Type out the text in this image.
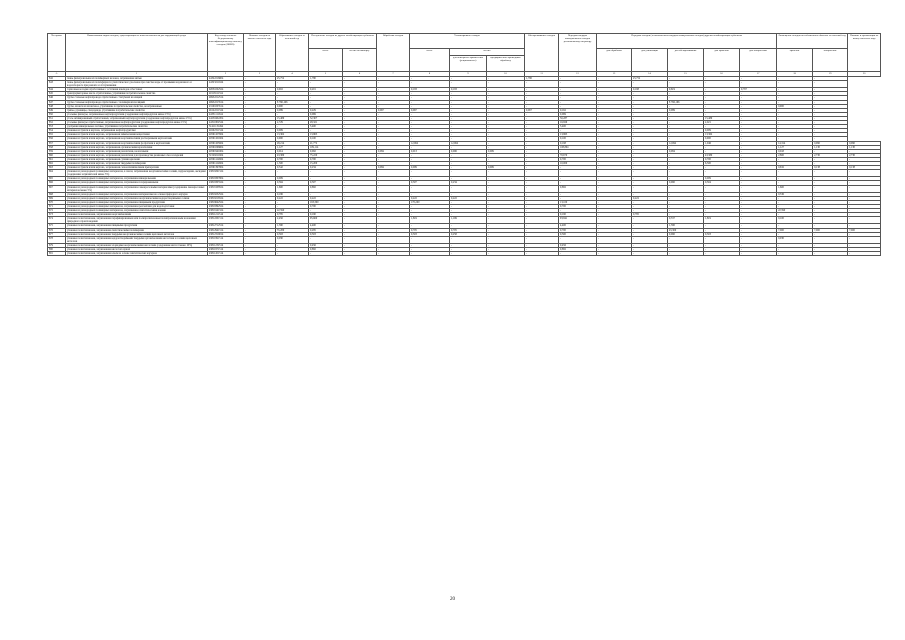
№ строки	Наименование видов отходов, существующих по классам опасности для окружающей среды	Код отхода согласно Федеральному классификационному каталогу отходов (ФККО)	Наличие отходов на начало отчетного года	Образование отходов за отчетный год	Поступление отходов из других хозяйствующих субъектов		Обработка отходов	Утилизировано отходов			Обезвреживание отходов	Передача твердых коммунальных отходов региональному оператору	Передача отходов (за исключением твердых коммунальных отходов) другим хозяйствующим субъектам					Размещение отходов на собственных объектах за отчетный год		Наличие в организации на конец отчетного года	
					всего	из них по импорту		всего	из них				для обработки	для утилизации	для обезвреживания	для хранения	для захоронения	хранение	захоронение		
									для повторного применения (рецикличного)	предварительно прошедших обработку											
А	1	2	3	4	5	6	7	8	9	10	11	12	13	14	15	16	17	18	19	20	
842	ткань фильтровальная из полимерных волокон, загрязненная нитью	44322216604	-	25,752	1,780	-	-	-	-	-	1,780	-	-	25,752	-	-	-	-	-		
843	ткань фильтровальная из полиэфирного (синтетического) волокна при очистке воды от промывки водомачного и водозаборного при ремонте и обслуживании	44323211624	-	-	-	-	-	-	-	-	-	-	-	-	-	-	-	-	-		
844	тормозные колодки отработанные с остатками накладок асбестовых	92031002524	-	0,916	0,201	-	-	0,183	0,183	-	-	-	-	0,198	0,619	-	0,797	-	-		
845	трансформаторные масла отработанные, утратившие потребительские свойства	40118111314	-	-	-	-	-	-	-	-	-	-	-	-	-	-	-	-	-		
846	трубы стальные нефтепровода отработанные с битумной изоляцией	46952212514	-	-	-	-	-	-	-	-	-	-	-	-	-	-	-	-	-		
847	трубы стальные нефтепровода отработанные с полимерной изоляцией	46952213514	-	8 766,166	-	-	-	-	-	-	-	-	-	-	8 766,166	-	-	-	-		
848	трубы, шланги из шланговое, утратившие потребительские свойства, незагрязненные	43101003514	-	0,900	-	-	-	-	-	-	-	-	-	-	-	-	-	0,900	-		
849	тряпье, рукавицы, спецодежда, утратившие потребительские свойства	46122211524	-	0,089	0,229	-	0,067	0,067	-	-	0,067	0,162	-	-	0,089	-	-	-	-		
850	угольные фильтры, загрязненные нефтепродуктами (содержание нефтепродуктов менее 15%)	44331111614	-	-	0,069	-	-	-	-	-	-	0,069	-	-	-	-	-	-	-		
851	уголь активированный отработанный, загрязненный нефтепродуктами (содержание нефтепродуктов менее 15%)	44250402204	-	15,489	52,307	-	-	-	-	-	-	50,287	-	-	-	15,489	-	-	-		
852	угольные фильтры отработанные, загрязненные нефтепродуктами (содержание нефтепродуктов менее 15%)	44311802524	-	2,729	28,321	-	-	-	-	-	-	16,829	-	-	-	2,021	-	-	-		
853	удобрения минеральные азотные, утратившие потребительские свойства	31411131494	-	-	3,400	-	-	-	-	-	-	3,400	-	-	-	-	-	-	-		
854	упаковка из бумаги и картона, загрязненная нефтепродуктами	40202311524	-	0,009	-	-	-	-	-	-	-	-	-	-	-	0,009	-	-	-		
855	упаковка из бумаги и/или картона, загрязненная химическими веществами	40591107604	-	13,362	13,865	-	-	-	-	-	-	13,865	-	-	-	13,362	-	-	-		
856	упаковка из бумаги и/или картона, загрязненная неорганическими растворимыми карбонатами	40591161604	-	0,900	0,100	-	-	-	-	-	-	0,100	-	-	-	0,900	-	-	-		
857	упаковка из бумаги и/или картона, загрязненная неорганическими фосфатами и карбонатами	40591165604	-	28,214	21,772	-	-	12,692	12,692	-	-	0,198	-	-	12,692	1,046	-	14,314	0,090	0,090	
858	упаковка из бумаги и/или картона, загрязненная органическими красителями	40591066604	-	1,127	109,114	-	-	-	-	-	-	108,804	-	-	-	-	-	1,127	1,130	1,130	
859	упаковка из бумаги и/или картона, загрязненная реагентами, неопасными	40591941604	-	0,014	0,092	-	0,084	0,013	0,006	0,009	-	-	-	-	0,084	-	-	0,043	-	-	
860	упаковка из бумаги и/или картона, загрязненная реагентами для производства резиновых смол и изделий	31529211604	-	43,380	75,220	-	-	-	-	-	-	70,670	-	-	-	43,380	-	2,800	2,730	2,730	
861	упаковка из бумаги и/или картона, загрязненная сухими красками	40591122604	-	0,700	0,700	-	-	-	-	-	-	0,700	-	-	-	0,700	-	-	-	-	
862	упаковка из бумаги и/или картона, загрязненная твердыми полимерами	40591122604	-	1,500	15,200	-	-	-	-	-	-	10,000	-	-	-	6,500	-	-	-	-	
863	упаковка из бумаги и/или картона, загрязненная сельхозхимическими препаратами	40591397604	-	0,542	0,234	-	0,084	0,009	-	0,009	-	-	-	-	-	-	-	0,632	0,138	0,138	
864	упаковка из разнородных полимерных материалов, в смеси, загрязненная неорганическими солями, гидроксидами, оксидами (содержание загрязнителей менее 5%)	43819291524	-	-	-	-	-	-	-	-	-	-	-	-	-	-	-	-	-	-	
865	упаковка из разнородных полимерных материалов, загрязненная минеральными	43819307604	-	0,009	-	-	-	-	-	-	-	-	-	-	-	0,009	-	-	-	-	
866	упаковка из разнородных полимерных материалов, загрязненная хлорированными	43819305524	-	0,394	0,307	-	-	0,307	0,234	-	-	-	-	-	0,090	0,304	-	-	-	-	
867	упаковка из разнородных полимерных материалов, загрязненная лакокрасочными материалами (содержание лакокрасочных материалов менее 5%)	43819108524	-	1,600	0,882	-	-	-	-	-	-	0,882	-	-	-	-	-	1,600	-	-	
868	упаковка из разнородных полимерных материалов, загрязненная материалами на основе природного каучука	43819232524	-	0,186	-	-	-	-	-	-	-	-	-	-	-	-	-	0,336	-	-	
869	упаковка из разнородных полимерных материалов, загрязненная неорганическими водорастворимыми солями	43819216524	-	0,222	0,222	-	-	0,222	0,222	-	-	-	-	0,222	-	-	-	-	-	-	
870	упаковка из разнородных полимерных материалов, загрязненная пищевыми продуктами	43819642524	-	-	193,300	-	-	170,200	-	-	-	13,100	-	-	-	-	-	-	-	-	
871	упаковка из разнородных полимерных материалов, загрязненная реагентами для водоподготовки	43819392524	-	-	0,700	-	-	-	-	-	-	0,700	-	-	-	-	-	-	-	-	
872	упаковка из разнородных полимерных материалов, загрязненная синтетическими клеями	43819141524	-	22,590	-	-	-	-	-	-	-	-	-	-	-	-	-	22,590	-	-	
873	упаковка полиэтиленовая, загрязненная неорганическими	43811211514	-	0,785	0,190	-	-	-	-	-	-	0,190	-	0,785	-	-	-	-	-	-	
874	упаковка полиэтиленовая, загрязненная парафинированным или полипропиленовым полипропиленовым волокнами природного происхождения	43812201514	-	2,456	95,660	-	-	1,819	1,169	-	-	93,841	-	-	0,537	1,819	-	0,100	-	-	
875	упаковка полиэтиленовая, загрязненная пищевыми продуктами	43812712514	-	1,580	4,400	-	-	-	-	-	-	4,400	-	-	1,580	-	-	-	-	-	
876	упаковка полиэтиленовая, загрязненная синтетическими полимерами	43812941514	-	55,280	0,285	-	-	0,705	0,705	-	-	0,700	-	-	45,300	-	-	7,000	7,000	7,000	
877	упаковка полиэтиленовая, загрязненная твердыми неорганическими солями щелочных металлов	43812319014	-	0,593	0,303	-	-	0,303	0,258	-	-	0,300	-	-	0,090	0,303	-	-	-	-	
878	упаковка полиэтиленовая, загрязненная водорастворимыми твердыми органическими кислотами и солями щелочных металлов	43811991514	-	0,030	-	-	-	-	-	-	-	-	-	-	-	-	-	0,030	-	-	
879	упаковка полиэтиленовая, загрязненная хлоридами неорганическими кислотами (содержание кислот менее 10%)	43811232514	-	-	0,456	-	-	-	-	-	-	0,456	-	-	-	-	-	-	-	-	
880	упаковка полиэтиленовая, загрязненная кислотой серной	43811971514	-	-	0,882	-	-	-	-	-	-	0,882	-	-	-	-	-	-	-	-	
881	упаковка полиэтиленовая, загрязненная клеем на основе синтетических каучуков	43811451514	-	-	-	-	-	-	-	-	-	-	-	-	-	-	-	-	-	-	
20
